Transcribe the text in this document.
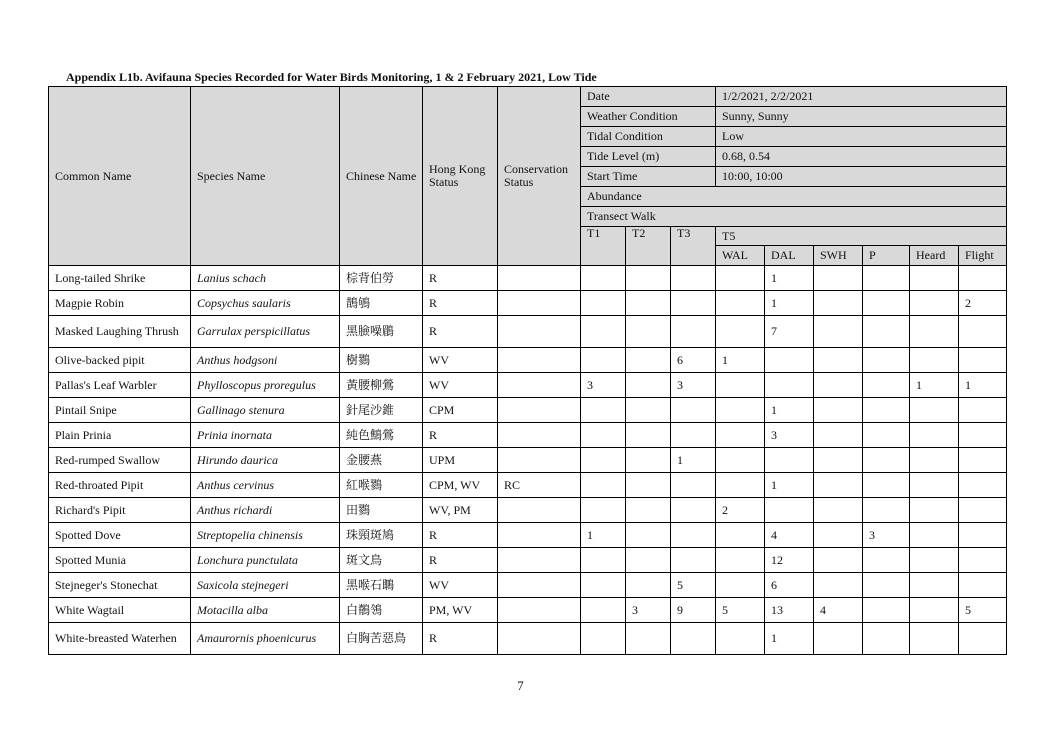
Appendix L1b. Avifauna Species Recorded for Water Birds Monitoring, 1 & 2 February 2021, Low Tide
Common Name	Species Name	Chinese Name	Hong Kong Status	Conservation Status	Date			1/2/2021, 2/2/2021					
					Weather Condition			Sunny, Sunny					
					Tidal Condition			Low					
					Tide Level (m)			0.68, 0.54					
					Start Time			10:00, 10:00					
					Abundance								
					Transect Walk								
					T1	T2	T3	T5					
								WAL	DAL	SWH	P	Heard	Flight
Long-tailed Shrike	Lanius schach	棕背伯勞	R						1				
Magpie Robin	Copsychus saularis	鵲鴝	R						1				2
Masked Laughing Thrush	Garrulax perspicillatus	黑臉噪鶥	R						7				
Olive-backed pipit	Anthus hodgsoni	樹鷚	WV				6	1					
Pallas's Leaf Warbler	Phylloscopus proregulus	黃腰柳鶯	WV		3		3					1	1
Pintail Snipe	Gallinago stenura	針尾沙錐	CPM						1				
Plain Prinia	Prinia inornata	純色鷦鶯	R						3				
Red-rumped Swallow	Hirundo daurica	金腰燕	UPM				1						
Red-throated Pipit	Anthus cervinus	紅喉鷚	CPM, WV	RC					1				
Richard's Pipit	Anthus richardi	田鷚	WV, PM					2					
Spotted Dove	Streptopelia chinensis	珠頸斑鳩	R		1				4		3		
Spotted Munia	Lonchura punctulata	斑文鳥	R						12				
Stejneger's Stonechat	Saxicola stejnegeri	黑喉石䳭	WV				5		6				
White Wagtail	Motacilla alba	白鶺鴒	PM, WV			3	9	5	13	4			5
White-breasted Waterhen	Amaurornis phoenicurus	白胸苦惡鳥	R						1				
7
